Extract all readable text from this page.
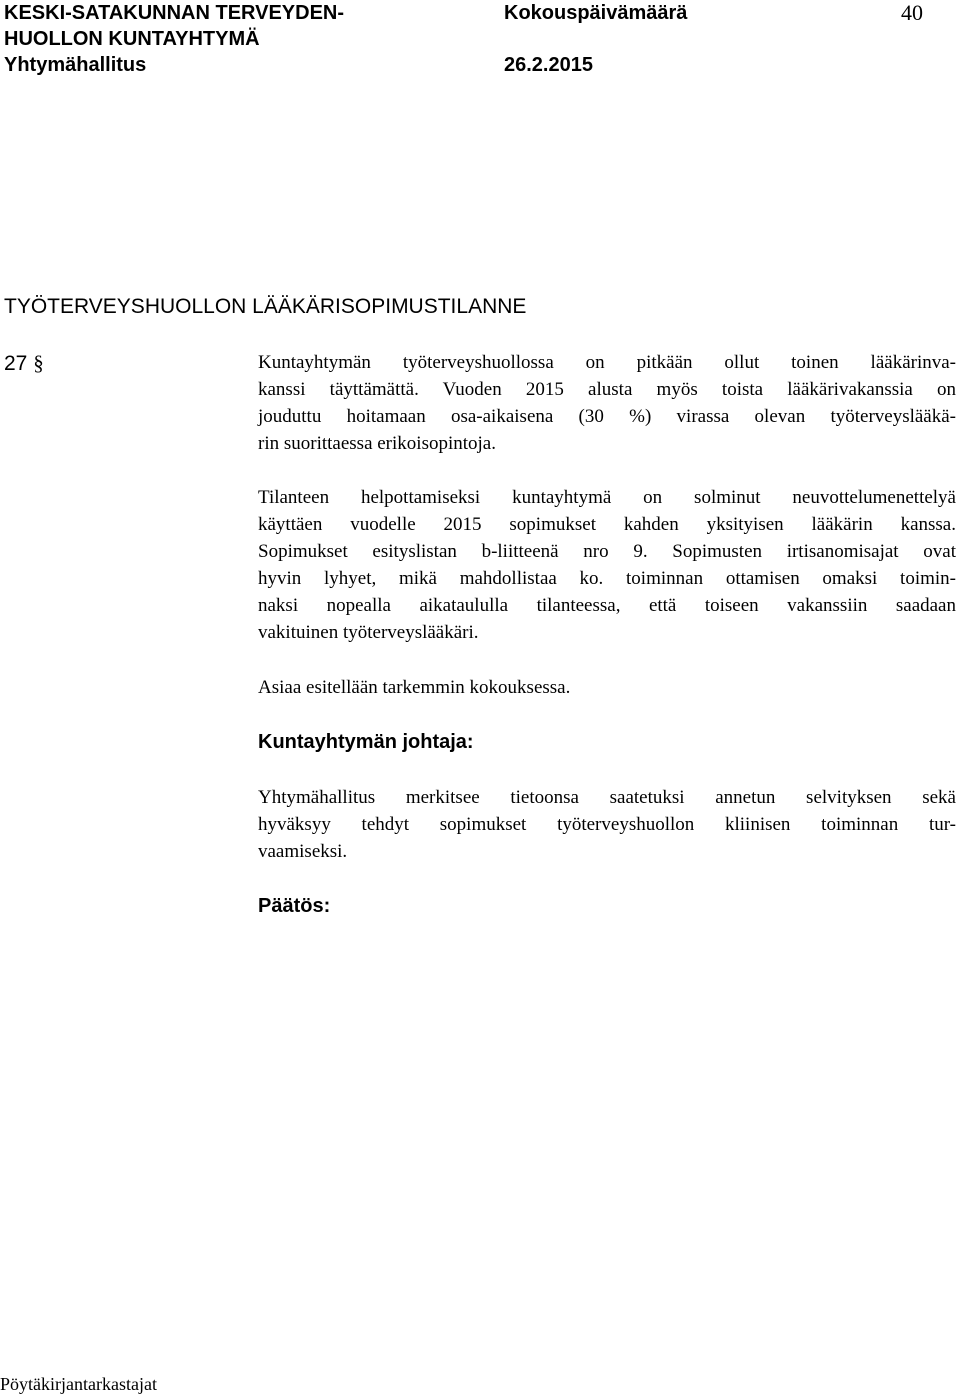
KESKI-SATAKUNNAN TERVEYDEN-
HUOLLON KUNTAYHTYMÄ
Kokouspäivämäärä	40
Yhtymähallitus	26.2.2015
TYÖTERVEYSHUOLLON LÄÄKÄRISOPIMUSTILANNE
27 §	Kuntayhtymän työterveyshuollossa on pitkään ollut toinen lääkärinva-
kanssi täyttämättä. Vuoden 2015 alusta myös toista lääkärivakanssia on
jouduttu hoitamaan osa-aikaisena (30 %) virassa olevan työterveyslääkä-
rin suorittaessa erikoisopintoja.
Tilanteen helpottamiseksi kuntayhtymä on solminut neuvottelumenettelyä
käyttäen vuodelle 2015 sopimukset kahden yksityisen lääkärin kanssa.
Sopimukset esityslistan b-liitteenä nro 9. Sopimusten irtisanomisajat ovat
hyvin lyhyet, mikä mahdollistaa ko. toiminnan ottamisen omaksi toimin-
naksi nopealla aikataululla tilanteessa, että toiseen vakanssiin saadaan
vakituinen työterveyslääkäri.
Asiaa esitellään tarkemmin kokouksessa.
Kuntayhtymän johtaja:
Yhtymähallitus merkitsee tietoonsa saatetuksi annetun selvityksen sekä
hyväksyy tehdyt sopimukset työterveyshuollon kliinisen toiminnan tur-
vaamiseksi.
Päätös:
Pöytäkirjantarkastajat
